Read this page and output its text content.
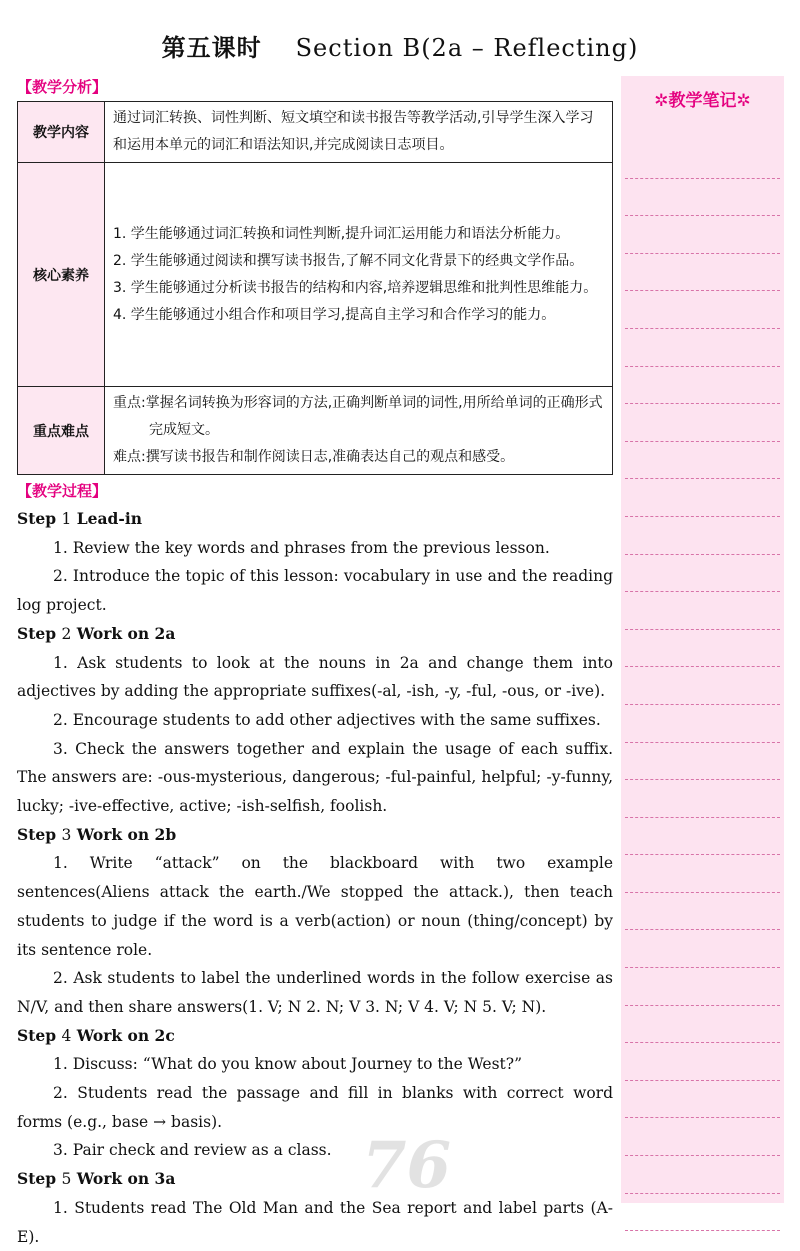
第五课时 Section B(2a – Reflecting)
【教学分析】
教学内容	通过词汇转换、词性判断、短文填空和读书报告等教学活动,引导学生深入学习和运用本单元的词汇和语法知识,并完成阅读日志项目。

核心素养	1. 学生能够通过词汇转换和词性判断,提升词汇运用能力和语法分析能力。
2. 学生能够通过阅读和撰写读书报告,了解不同文化背景下的经典文学作品。
3. 学生能够通过分析读书报告的结构和内容,培养逻辑思维和批判性思维能力。
4. 学生能够通过小组合作和项目学习,提高自主学习和合作学习的能力。

重点难点	重点:掌握名词转换为形容词的方法,正确判断单词的词性,用所给单词的正确形式完成短文。
难点:撰写读书报告和制作阅读日志,准确表达自己的观点和感受。
【教学过程】
Step 1 Lead-in
1. Review the key words and phrases from the previous lesson.
2. Introduce the topic of this lesson: vocabulary in use and the reading log project.
Step 2 Work on 2a
1. Ask students to look at the nouns in 2a and change them into adjectives by adding the appropriate suffixes(-al, -ish, -y, -ful, -ous, or -ive).
2. Encourage students to add other adjectives with the same suffixes.
3. Check the answers together and explain the usage of each suffix. The answers are: -ous-mysterious, dangerous; -ful-painful, helpful; -y-funny, lucky; -ive-effective, active; -ish-selfish, foolish.
Step 3 Work on 2b
1. Write “attack” on the blackboard with two example sentences(Aliens attack the earth./We stopped the attack.), then teach students to judge if the word is a verb(action) or noun (thing/concept) by its sentence role.
2. Ask students to label the underlined words in the follow exercise as N/V, and then share answers(1. V; N 2. N; V 3. N; V 4. V; N 5. V; N).
Step 4 Work on 2c
1. Discuss: “What do you know about Journey to the West?”
2. Students read the passage and fill in blanks with correct word forms (e.g., base → basis).
3. Pair check and review as a class.
Step 5 Work on 3a
1. Students read The Old Man and the Sea report and label parts (A-E).
✲教学笔记✲
76
